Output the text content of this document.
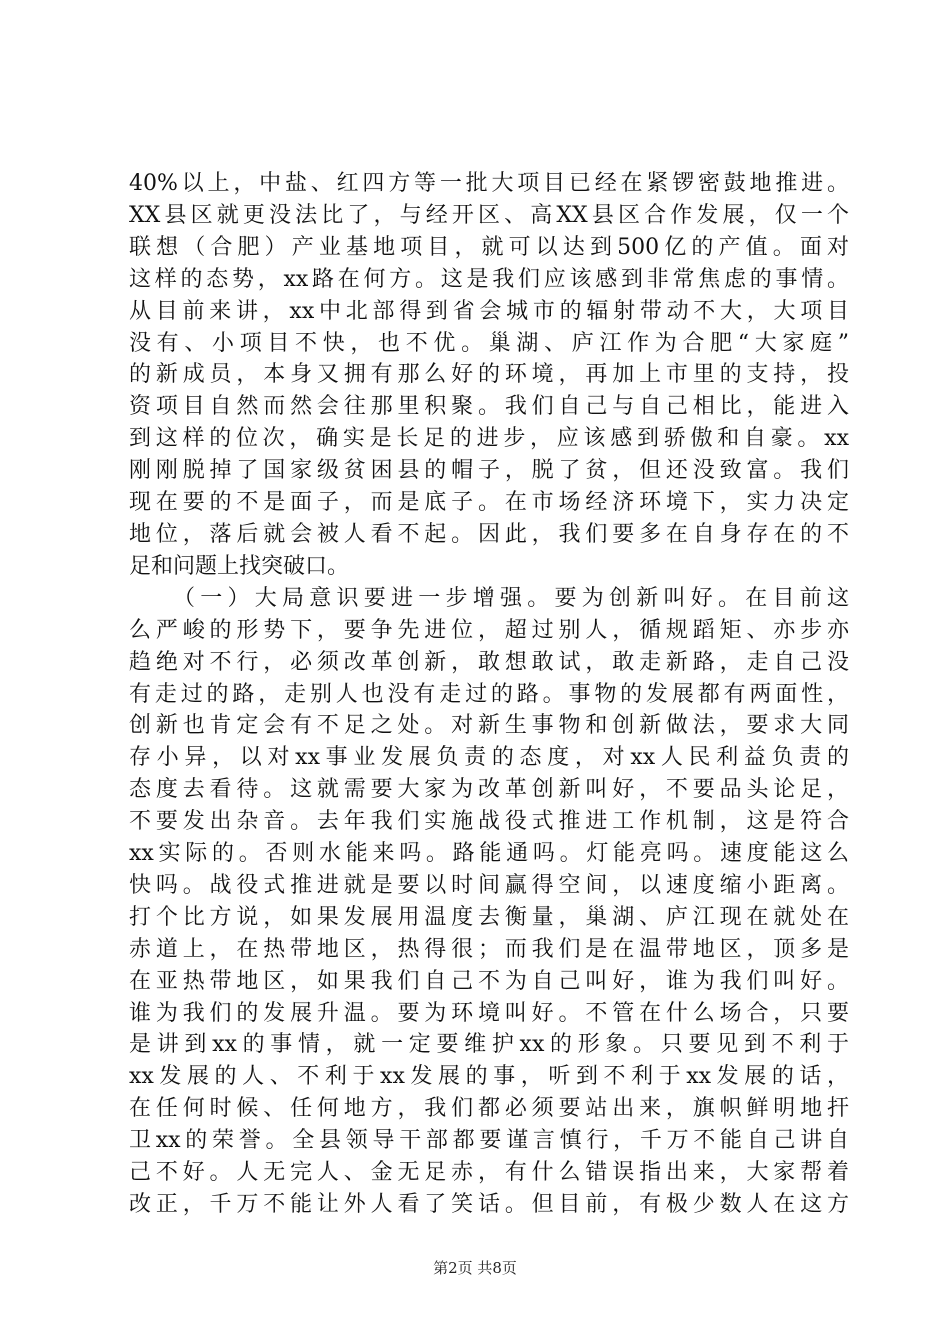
40%以上，中盐、红四方等一批大项目已经在紧锣密鼓地推进。
XX县区就更没法比了，与经开区、高XX县区合作发展，仅一个
联想（合肥）产业基地项目，就可以达到500亿的产值。面对
这样的态势，xx路在何方。这是我们应该感到非常焦虑的事情。
从目前来讲，xx中北部得到省会城市的辐射带动不大，大项目
没有、小项目不快，也不优。巢湖、庐江作为合肥“大家庭”
的新成员，本身又拥有那么好的环境，再加上市里的支持，投
资项目自然而然会往那里积聚。我们自己与自己相比，能进入
到这样的位次，确实是长足的进步，应该感到骄傲和自豪。xx
刚刚脱掉了国家级贫困县的帽子，脱了贫，但还没致富。我们
现在要的不是面子，而是底子。在市场经济环境下，实力决定
地位，落后就会被人看不起。因此，我们要多在自身存在的不
足和问题上找突破口。
（一）大局意识要进一步增强。要为创新叫好。在目前这
么严峻的形势下，要争先进位，超过别人，循规蹈矩、亦步亦
趋绝对不行，必须改革创新，敢想敢试，敢走新路，走自己没
有走过的路，走别人也没有走过的路。事物的发展都有两面性，
创新也肯定会有不足之处。对新生事物和创新做法，要求大同
存小异，以对xx事业发展负责的态度，对xx人民利益负责的
态度去看待。这就需要大家为改革创新叫好，不要品头论足，
不要发出杂音。去年我们实施战役式推进工作机制，这是符合
xx实际的。否则水能来吗。路能通吗。灯能亮吗。速度能这么
快吗。战役式推进就是要以时间赢得空间，以速度缩小距离。
打个比方说，如果发展用温度去衡量，巢湖、庐江现在就处在
赤道上，在热带地区，热得很；而我们是在温带地区，顶多是
在亚热带地区，如果我们自己不为自己叫好，谁为我们叫好。
谁为我们的发展升温。要为环境叫好。不管在什么场合，只要
是讲到xx的事情，就一定要维护xx的形象。只要见到不利于
xx发展的人、不利于xx发展的事，听到不利于xx发展的话，
在任何时候、任何地方，我们都必须要站出来，旗帜鲜明地扞
卫xx的荣誉。全县领导干部都要谨言慎行，千万不能自己讲自
己不好。人无完人、金无足赤，有什么错误指出来，大家帮着
改正，千万不能让外人看了笑话。但目前，有极少数人在这方
第2页 共8页
